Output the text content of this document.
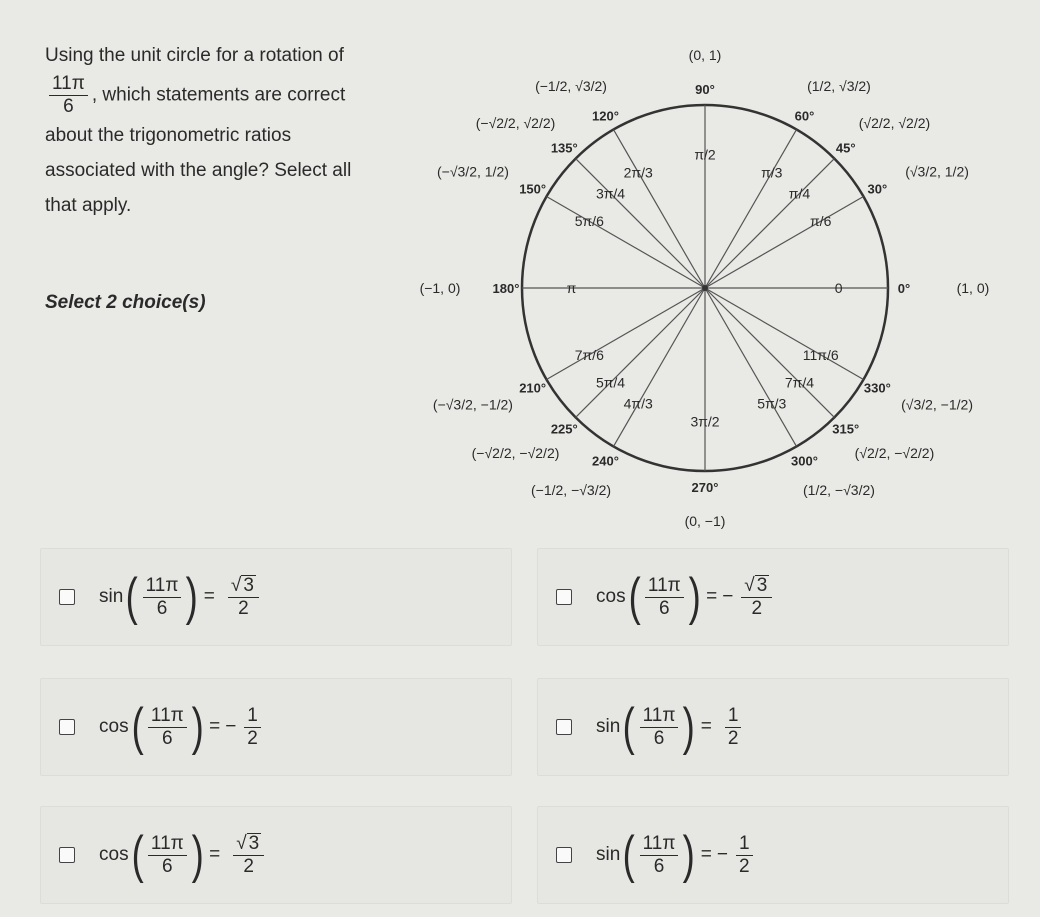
Using the unit circle for a rotation of
$\frac{11\pi}{6}$ , which statements are correct
about the trigonometric ratios
associated with the angle? Select all
that apply.
Select 2 choice(s)
0	0°	(1, 0)
π/6
30°
(√3/2, 1/2)
π/4
45°
(√2/2, √2/2)
π/3
60°
(1/2, √3/2)
π/2
90°
(0, 1)
2π/3
120°
(−1/2, √3/2)
3π/4
135°
(−√2/2, √2/2)
5π/6
150°
(−√3/2, 1/2)
π
180°
(−1, 0)
7π/6
210°
(−√3/2, −1/2)
5π/4
225°
(−√2/2, −√2/2)
4π/3
240°
(−1/2, −√3/2)
3π/2
270°
(0, −1)
5π/3
300°
(1/2, −√3/2)
7π/4
315°
(√2/2, −√2/2)
11π/6
330°
(√3/2, −1/2)
sin ( $\frac{11\pi}{6}$ ) = $\frac{√ 3}{2}$	cos ( $\frac{11\pi}{6}$ ) = − $\frac{√ 3}{2}$
cos ( $\frac{11\pi}{6}$ ) = − $\frac{1}{2}$	sin ( $\frac{11\pi}{6}$ ) = $\frac{1}{2}$
cos ( $\frac{11\pi}{6}$ ) = $\frac{√ 3}{2}$	sin ( $\frac{11\pi}{6}$ ) = − $\frac{1}{2}$
